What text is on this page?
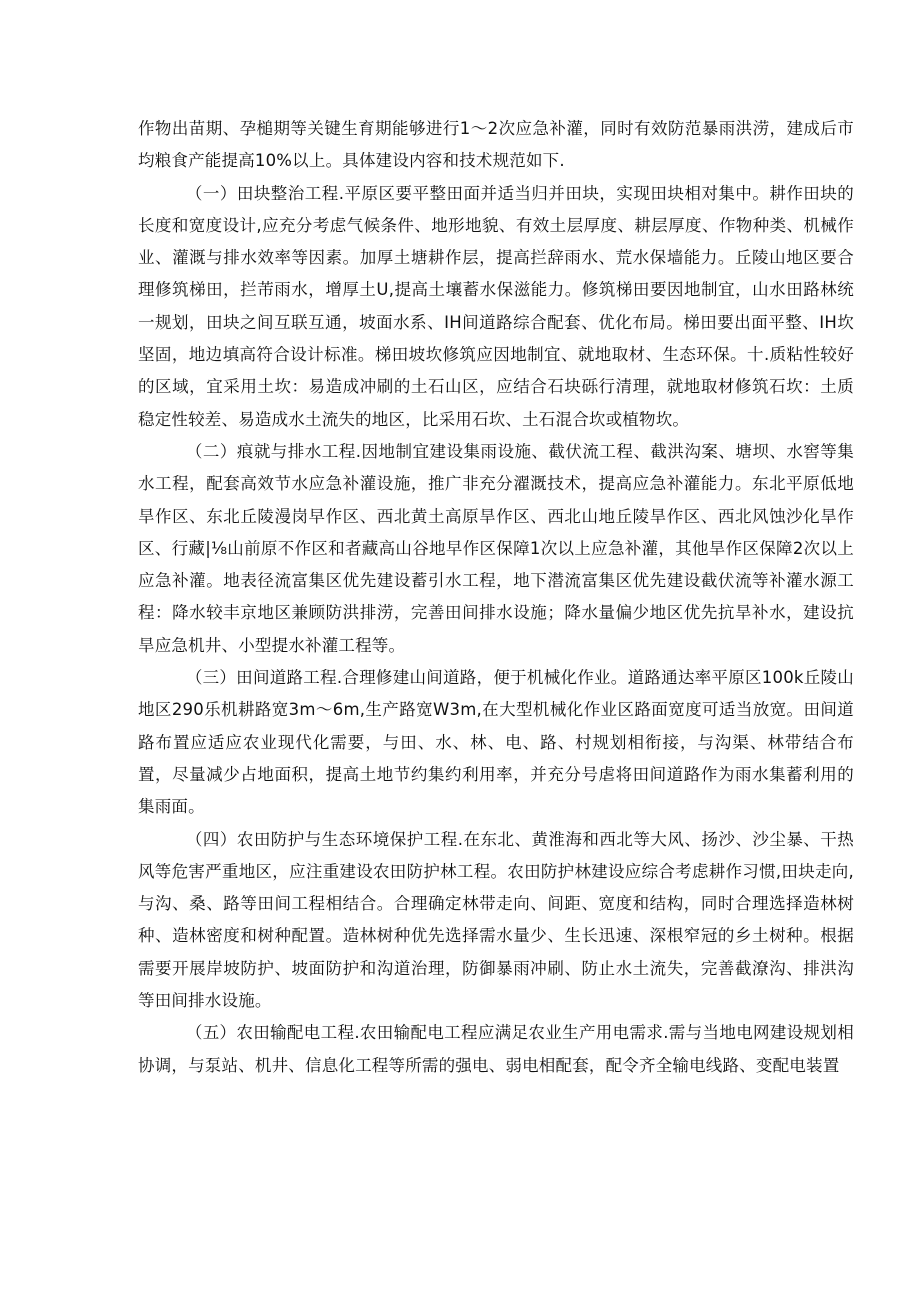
作物出苗期、孕槌期等关键生育期能够进行1～2次应急补灌，同时有效防范暴雨洪涝，建成后市均粮食产能提高10%以上。具体建设内容和技术规范如下.

（一）田块整治工程.平原区要平整田面并适当归并田块，实现田块相对集中。耕作田块的长度和宽度设计,应充分考虑气候条件、地形地貌、有效土层厚度、耕层厚度、作物种类、机械作业、灌溉与排水效率等因素。加厚土塘耕作层，提高拦辞雨水、荒水保墙能力。丘陵山地区要合理修筑梯田，拦芾雨水，增厚土U,提高土壤蓄水保滋能力。修筑梯田要因地制宜，山水田路林统一规划，田块之间互联互通，坡面水系、IH间道路综合配套、优化布局。梯田要出面平整、IH坎坚固，地边填高符合设计标准。梯田坡坎修筑应因地制宜、就地取材、生态环保。十.质粘性较好的区域，宜采用土坎：易造成冲刷的土石山区，应结合石块砾行清理，就地取材修筑石坎：土质稳定性较差、易造成水土流失的地区，比采用石坎、土石混合坎或植物坎。

（二）痕就与排水工程.因地制宜建设集雨设施、截伏流工程、截洪沟案、塘坝、水窖等集水工程，配套高效节水应急补灌设施，推广非充分濯溉技术，提高应急补灌能力。东北平原低地旱作区、东北丘陵漫岗早作区、西北黄土高原旱作区、西北山地丘陵旱作区、西北风蚀沙化旱作区、行藏|⅛山前原不作区和者藏高山谷地早作区保障1次以上应急补灌，其他旱作区保障2次以上应急补灌。地表径流富集区优先建设蓄引水工程，地下潜流富集区优先建设截伏流等补灌水源工程：降水较丰京地区兼顾防洪排涝，完善田间排水设施；降水量偏少地区优先抗旱补水，建设抗旱应急机井、小型提水补灌工程等。

（三）田间道路工程.合理修建山间道路，便于机械化作业。道路通达率平原区100k丘陵山地区290乐机耕路宽3m～6m,生产路宽W3m,在大型机械化作业区路面宽度可适当放宽。田间道路布置应适应农业现代化需要，与田、水、林、电、路、村规划相衔接，与沟渠、林带结合布置，尽量减少占地面积，提高土地节约集约利用率，并充分号虐将田间道路作为雨水集蓄利用的集雨面。

（四）农田防护与生态环境保护工程.在东北、黄淮海和西北等大风、扬沙、沙尘暴、干热风等危害严重地区，应注重建设农田防护林工程。农田防护林建设应综合考虑耕作习惯,田块走向,与沟、桑、路等田间工程相结合。合理确定林带走向、间距、宽度和结构，同时合理选择造林树种、造林密度和树种配置。造林树种优先选择需水量少、生长迅速、深根窄冠的乡土树种。根据需要开展岸坡防护、坡面防护和沟道治理，防御暴雨冲刷、防止水土流失，完善截潦沟、排洪沟等田间排水设施。

（五）农田输配电工程.农田输配电工程应满足农业生产用电需求.需与当地电网建设规划相协调，与泵站、机井、信息化工程等所需的强电、弱电相配套，配令齐全输电线路、变配电装置
